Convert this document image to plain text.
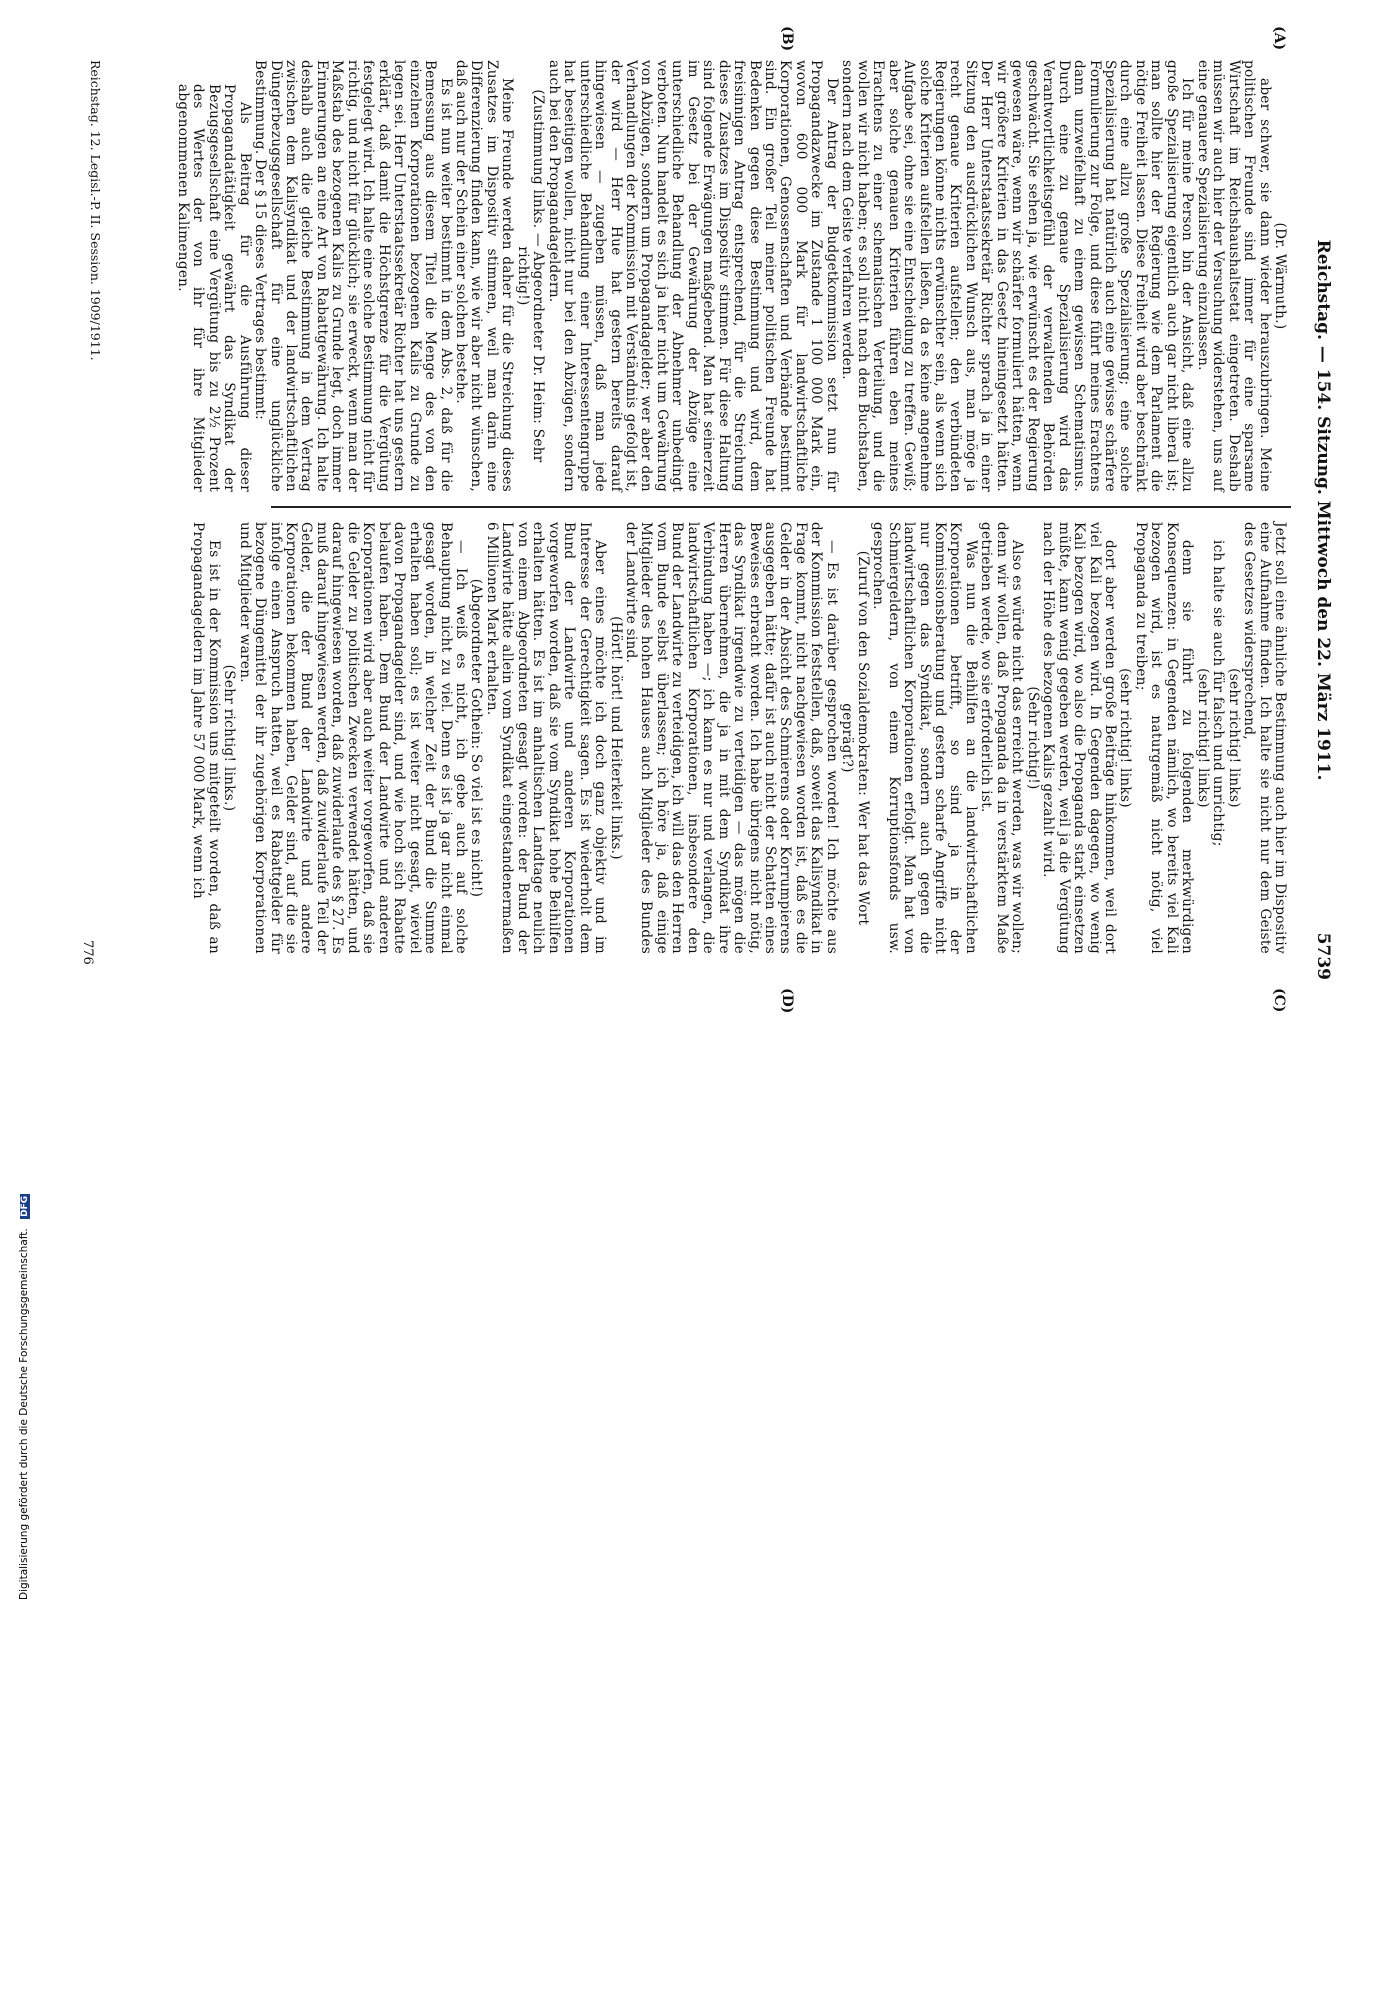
Reichstag. — 154. Sitzung. Mittwoch den 22. März 1911.
5739
(A)
(B)
(C)
(D)

(Dr. Wärmuth.)

aber schwer, sie dann wieder herauszubringen. Meine politischen Freunde sind immer für eine sparsame Wirtschaft im Reichshaushaltsetat eingetreten. Deshalb müssen wir auch hier der Versuchung widerstehen, uns auf eine genauere Spezialisierung einzulassen.

Ich für meine Person bin der Ansicht, daß eine allzu große Spezialisierung eigentlich auch gar nicht liberal ist; man sollte hier der Regierung wie dem Parlament die nötige Freiheit lassen. Diese Freiheit wird aber beschränkt durch eine allzu große Spezialisierung; eine solche Spezialisierung hat natürlich auch eine gewisse schärfere Formulierung zur Folge, und diese führt meines Erachtens dann unzweifelhaft zu einem gewissen Schematismus. Durch eine zu genaue Spezialisierung wird das Verantwortlichkeitsgefühl der verwaltenden Behörden geschwächt. Sie sehen ja, wie erwünscht es der Regierung gewesen wäre, wenn wir schärfer formuliert hätten, wenn wir größere Kriterien in das Gesetz hineingesetzt hätten. Der Herr Unterstaatssekretär Richter sprach ja in einer Sitzung den ausdrücklichen Wunsch aus, man möge ja recht genaue Kriterien aufstellen; den verbündeten Regierungen könne nichts erwünschter sein, als wenn sich solche Kriterien aufstellen ließen, da es keine angenehme Aufgabe sei, ohne sie eine Entscheidung zu treffen. Gewiß; aber solche genauen Kriterien führen eben meines Erachtens zu einer schematischen Verteilung, und die wollen wir nicht haben; es soll nicht nach dem Buchstaben, sondern nach dem Geiste verfahren werden.

Der Antrag der Budgetkommission setzt nun für Propagandazwecke im Zustande 1 100 000 Mark ein, wovon 600 000 Mark für landwirtschaftliche Korporationen, Genossenschaften und Verbände bestimmt sind. Ein großer Teil meiner politischen Freunde hat Bedenken gegen diese Bestimmung und wird, dem freisinnigen Antrag entsprechend, für die Streichung dieses Zusatzes im Dispositiv stimmen. Für diese Haltung sind folgende Erwägungen maßgebend. Man hat seinerzeit im Gesetz bei der Gewährung der Abzüge eine unterschiedliche Behandlung der Abnehmer unbedingt verboten. Nun handelt es sich ja hier nicht um Gewährung von Abzügen, sondern um Propagandagelder; wer aber den Verhandlungen der Kommission mit Verständnis gefolgt ist, der wird — Herr Hue hat gestern bereits darauf hingewiesen — zugeben müssen, daß man jede unterschiedliche Behandlung einer Interessentengruppe hat beseitigen wollen, nicht nur bei den Abzügen, sondern auch bei den Propagandageldern.

(Zustimmung links. — Abgeordneter Dr. Heim: Sehr richtig!)

Meine Freunde werden daher für die Streichung dieses Zusatzes im Dispositiv stimmen, weil man darin eine Differenzierung finden kann, wie wir aber nicht wünschen, daß auch nur der Schein einer solchen bestehe.

Es ist nun weiter bestimmt in dem Abs. 2, daß für die Bemessung aus diesem Titel die Menge des von den einzelnen Korporationen bezogenen Kalis zu Grunde zu legen sei. Herr Unterstaatssekretär Richter hat uns gestern erklärt, daß damit die Höchstgrenze für die Vergütung festgelegt wird. Ich halte eine solche Bestimmung nicht für richtig, und nicht für glücklich; sie erweckt, wenn man der Maßstab des bezogenen Kalis zu Grunde legt, doch immer Erinnerungen an eine Art von Rabattgewährung. Ich halte deshalb auch die gleiche Bestimmung in dem Vertrag zwischen dem Kalisyndikat und der landwirtschaftlichen Düngerbezugsgesellschaft für eine unglückliche Bestimmung. Der § 15 dieses Vertrages bestimmt:

Als Beitrag für die Ausführung dieser Propagandatätigkeit gewährt das Syndikat der Bezugsgesellschaft eine Vergütung bis zu 2½ Prozent des Wertes der von ihr für ihre Mitglieder abgenommenen Kalimengen.

Jetzt soll eine ähnliche Bestimmung auch hier im Dispositiv eine Aufnahme finden. Ich halte sie nicht nur dem Geiste des Gesetzes widersprechend,

(sehr richtig! links)

ich halte sie auch für falsch und unrichtig;

(sehr richtig! links)

denn sie führt zu folgenden merkwürdigen Konsequenzen: in Gegenden nämlich, wo bereits viel Kali bezogen wird, ist es naturgemäß nicht nötig, viel Propaganda zu treiben;

(sehr richtig! links)

dort aber werden große Beiträge hinkommen, weil dort viel Kali bezogen wird. In Gegenden dagegen, wo wenig Kali bezogen wird, wo also die Propaganda stark einsetzen müßte, kann wenig gegeben werden, weil ja die Vergütung nach der Höhe des bezogenen Kalis gezahlt wird.

(Sehr richtig!)

Also es würde nicht das erreicht werden, was wir wollen; denn wir wollen, daß Propaganda da in verstärktem Maße getrieben werde, wo sie erforderlich ist.

Was nun die Beihilfen an die landwirtschaftlichen Korporationen betrifft, so sind ja in der Kommissionsberatung und gestern scharfe Angriffe nicht nur gegen das Syndikat, sondern auch gegen die landwirtschaftlichen Korporationen erfolgt. Man hat von Schmiergeldern, von einem Korruptionsfonds usw. gesprochen.

(Zuruf von den Sozialdemokraten: Wer hat das Wort geprägt?)

— Es ist darüber gesprochen worden! Ich möchte aus der Kommission feststellen, daß, soweit das Kalisyndikat in Frage kommt, nicht nachgewiesen worden ist, daß es die Gelder in der Absicht des Schmierens oder Korrumpierens ausgegeben hätte; dafür ist auch nicht der Schatten eines Beweises erbracht worden. Ich habe übrigens nicht nötig, das Syndikat irgendwie zu verteidigen — das mögen die Herren übernehmen, die ja in mit dem Syndikat ihre Verbindung haben —; ich kann es nur und verlangen, die landwirtschaftlichen Korporationen, insbesondere den Bund der Landwirte zu verteidigen, ich will das den Herren vom Bunde selbst überlassen; ich höre ja, daß einige Mitglieder des hohen Hauses auch Mitglieder des Bundes der Landwirte sind.

(Hört! hört! und Heiterkeit links.)

Aber eines möchte ich doch ganz objektiv und im Interesse der Gerechtigkeit sagen. Es ist wiederholt dem Bund der Landwirte und anderen Korporationen vorgeworfen worden, daß sie vom Syndikat hohe Beihilfen erhalten hätten. Es ist im anhaltischen Landtage neulich von einem Abgeordneten gesagt worden: der Bund der Landwirte hätte allein vom Syndikat eingestandenermaßen 6 Millionen Mark erhalten.

(Abgeordneter Gothein: So viel ist es nicht!)

— Ich weiß es nicht, ich gebe auch auf solche Behauptung nicht zu viel. Denn es ist ja gar nicht einmal gesagt worden, in welcher Zeit der Bund die Summe erhalten haben soll; es ist weiter nicht gesagt, wieviel davon Propagandagelder sind, und wie hoch sich Rabatte belaufen haben. Dem Bund der Landwirte und anderen Korporationen wird aber auch weiter vorgeworfen, daß sie die Gelder zu politischen Zwecken verwendet hätten, und darauf hingewiesen worden, daß zuwiderlaufe des § 27. Es muß darauf hingewiesen werden, daß zuwiderlaufe Teil der Gelder, die der Bund der Landwirte und andere Korporationen bekommen haben, Gelder sind, auf die sie infolge einen Anspruch hatten, weil es Rabattgelder für bezogene Düngemittel der ihr zugehörigen Korporationen und Mitglieder waren.

(Sehr richtig! links.)

Es ist in der Kommission uns mitgeteilt worden, daß an Propagandageldern im Jahre 57 000 Mark, wenn ich

Reichstag. 12. Legisl.-P. II. Session. 1909/1911.
776
Digitalisierung gefördert durch die Deutsche Forschungsgemeinschaft. DFG
